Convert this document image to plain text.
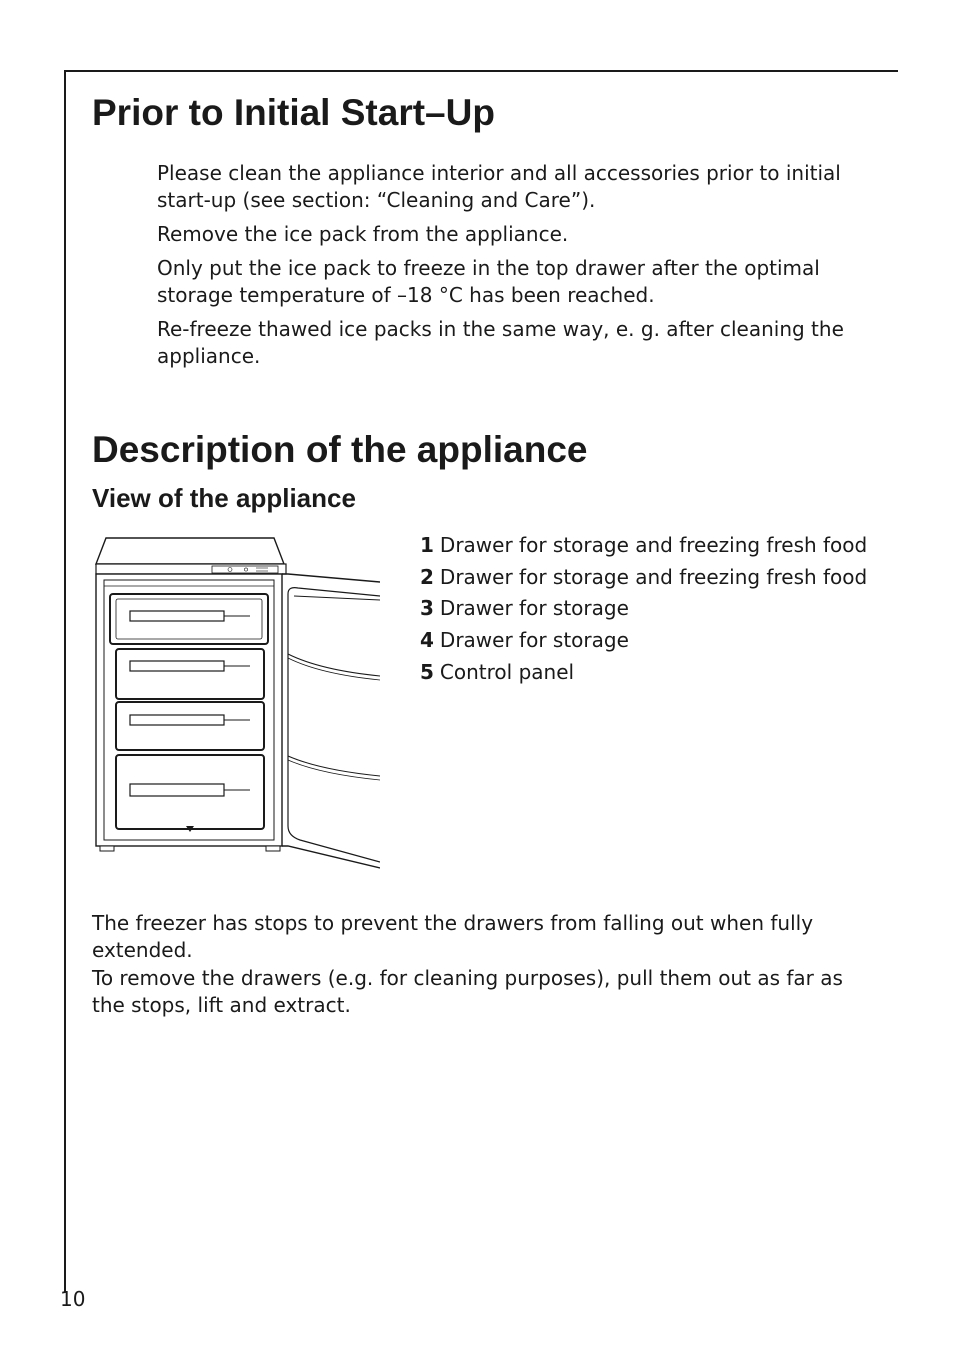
Prior to Initial Start–Up

Please clean the appliance interior and all accessories prior to initial start-up (see section: “Cleaning and Care”).

Remove the ice pack from the appliance.

Only put the ice pack to freeze in the top drawer after the optimal storage temperature of –18 °C has been reached.

Re-freeze thawed ice packs in the same way, e. g. after cleaning the appliance.

Description of the appliance
View of the appliance
1 Drawer for storage and freezing fresh food
2 Drawer for storage and freezing fresh food
3 Drawer for storage
4 Drawer for storage
5 Control panel

The freezer has stops to prevent the drawers from falling out when fully extended.

To remove the drawers (e.g. for cleaning purposes), pull them out as far as the stops, lift and extract.

10
